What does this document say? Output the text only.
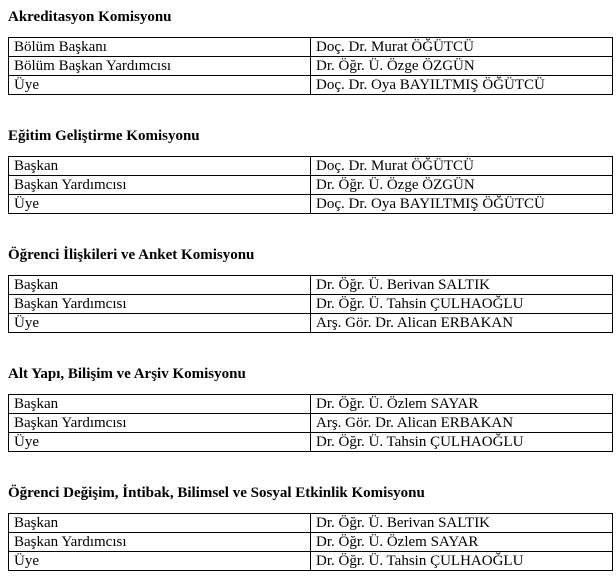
Akreditasyon Komisyonu
Bölüm Başkanı	Doç. Dr. Murat ÖĞÜTCÜ
Bölüm Başkan Yardımcısı	Dr. Öğr. Ü. Özge ÖZGÜN
Üye	Doç. Dr. Oya BAYILTMIŞ ÖĞÜTCÜ
Eğitim Geliştirme Komisyonu
Başkan	Doç. Dr. Murat ÖĞÜTCÜ
Başkan Yardımcısı	Dr. Öğr. Ü. Özge ÖZGÜN
Üye	Doç. Dr. Oya BAYILTMIŞ ÖĞÜTCÜ
Öğrenci İlişkileri ve Anket Komisyonu
Başkan	Dr. Öğr. Ü. Berivan SALTIK
Başkan Yardımcısı	Dr. Öğr. Ü. Tahsin ÇULHAOĞLU
Üye	Arş. Gör. Dr. Alican ERBAKAN
Alt Yapı, Bilişim ve Arşiv Komisyonu
Başkan	Dr. Öğr. Ü. Özlem SAYAR
Başkan Yardımcısı	Arş. Gör. Dr. Alican ERBAKAN
Üye	Dr. Öğr. Ü. Tahsin ÇULHAOĞLU
Öğrenci Değişim, İntibak, Bilimsel ve Sosyal Etkinlik Komisyonu
Başkan	Dr. Öğr. Ü. Berivan SALTIK
Başkan Yardımcısı	Dr. Öğr. Ü. Özlem SAYAR
Üye	Dr. Öğr. Ü. Tahsin ÇULHAOĞLU
